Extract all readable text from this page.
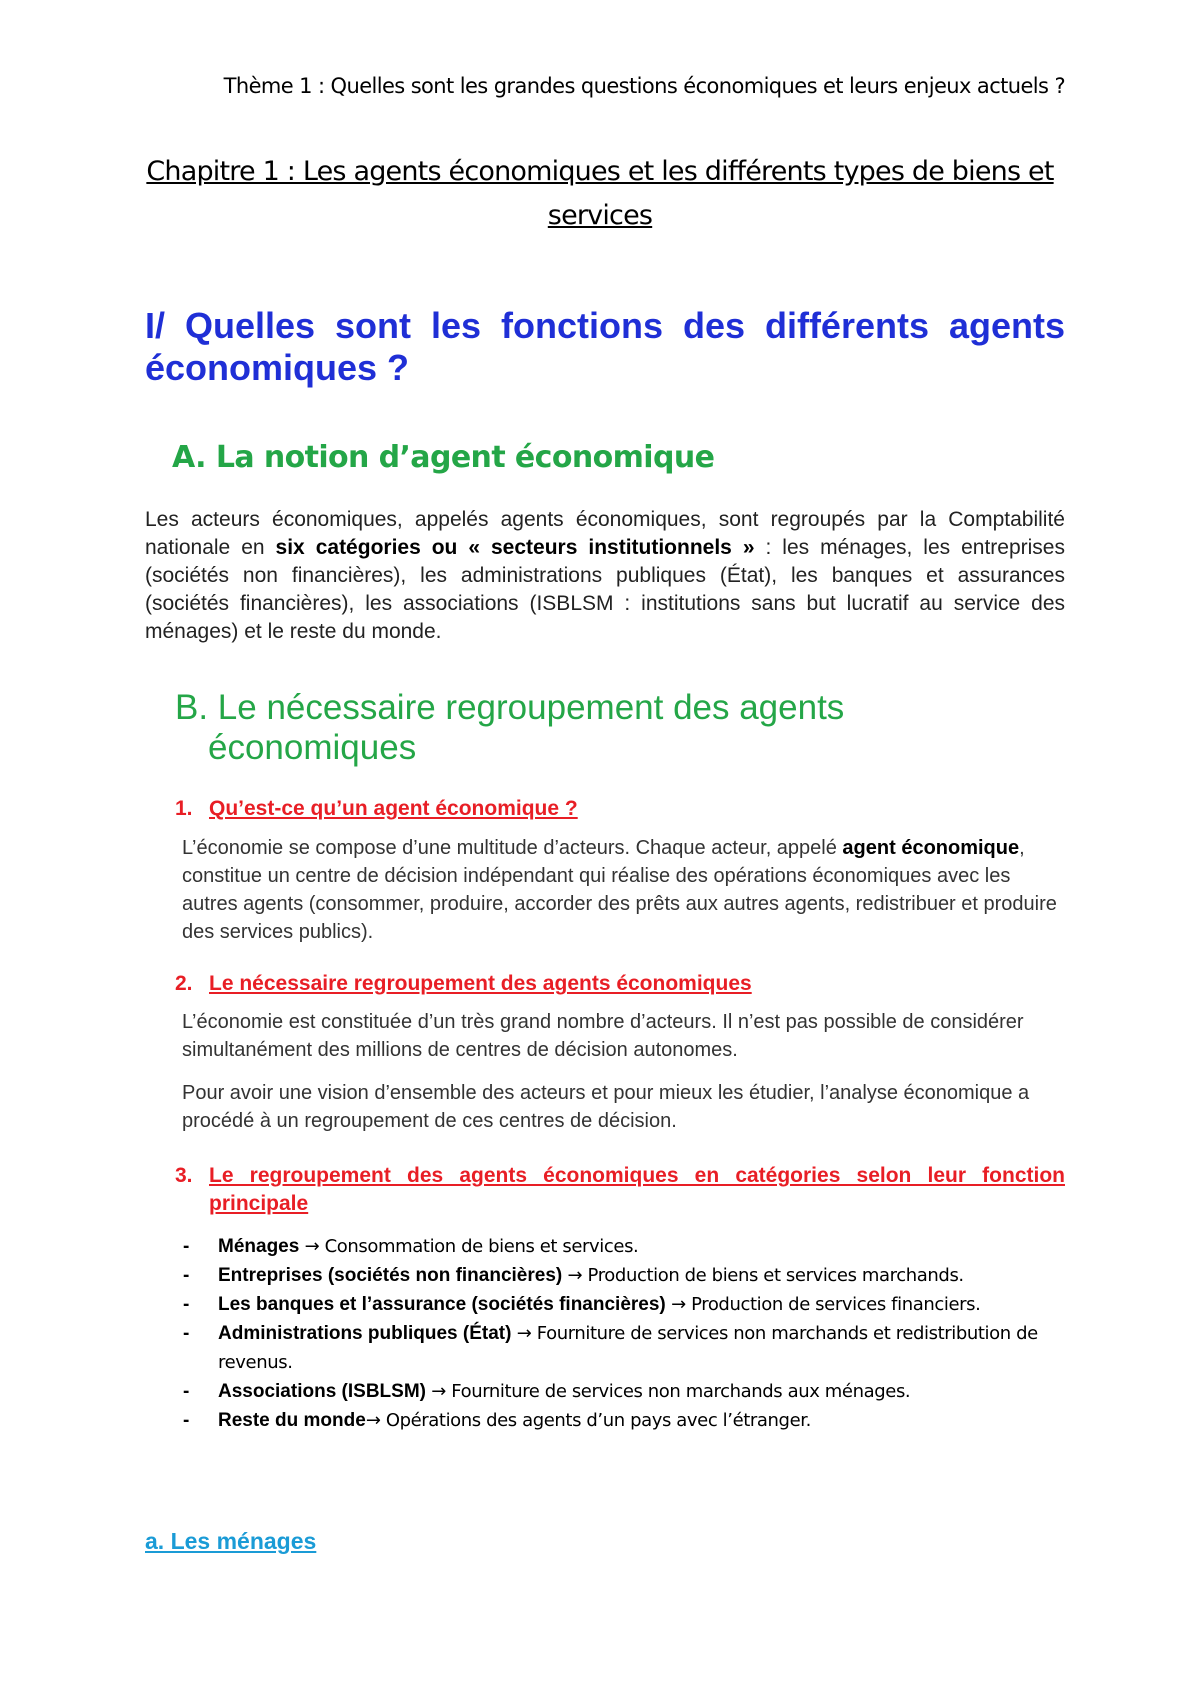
Thème 1 : Quelles sont les grandes questions économiques et leurs enjeux actuels ?
Chapitre 1 : Les agents économiques et les différents types de biens et services
I/ Quelles sont les fonctions des différents agents économiques ?
A. La notion d’agent économique
Les acteurs économiques, appelés agents économiques, sont regroupés par la Comptabilité nationale en six catégories ou « secteurs institutionnels » : les ménages, les entreprises (sociétés non financières), les administrations publiques (État), les banques et assurances (sociétés financières), les associations (ISBLSM : institutions sans but lucratif au service des ménages) et le reste du monde.
B. Le nécessaire regroupement des agents
économiques
1. Qu’est-ce qu’un agent économique ?
L’économie se compose d’une multitude d’acteurs. Chaque acteur, appelé agent économique, constitue un centre de décision indépendant qui réalise des opérations économiques avec les autres agents (consommer, produire, accorder des prêts aux autres agents, redistribuer et produire des services publics).
2. Le nécessaire regroupement des agents économiques
L’économie est constituée d’un très grand nombre d’acteurs. Il n’est pas possible de considérer simultanément des millions de centres de décision autonomes.
Pour avoir une vision d’ensemble des acteurs et pour mieux les étudier, l’analyse économique a procédé à un regroupement de ces centres de décision.
3. Le regroupement des agents économiques en catégories selon leur fonction principale
- Ménages → Consommation de biens et services.
- Entreprises (sociétés non financières) → Production de biens et services marchands.
- Les banques et l’assurance (sociétés financières) → Production de services financiers.
- Administrations publiques (État) → Fourniture de services non marchands et redistribution de revenus.
- Associations (ISBLSM) → Fourniture de services non marchands aux ménages.
- Reste du monde→ Opérations des agents d’un pays avec l’étranger.
a. Les ménages
